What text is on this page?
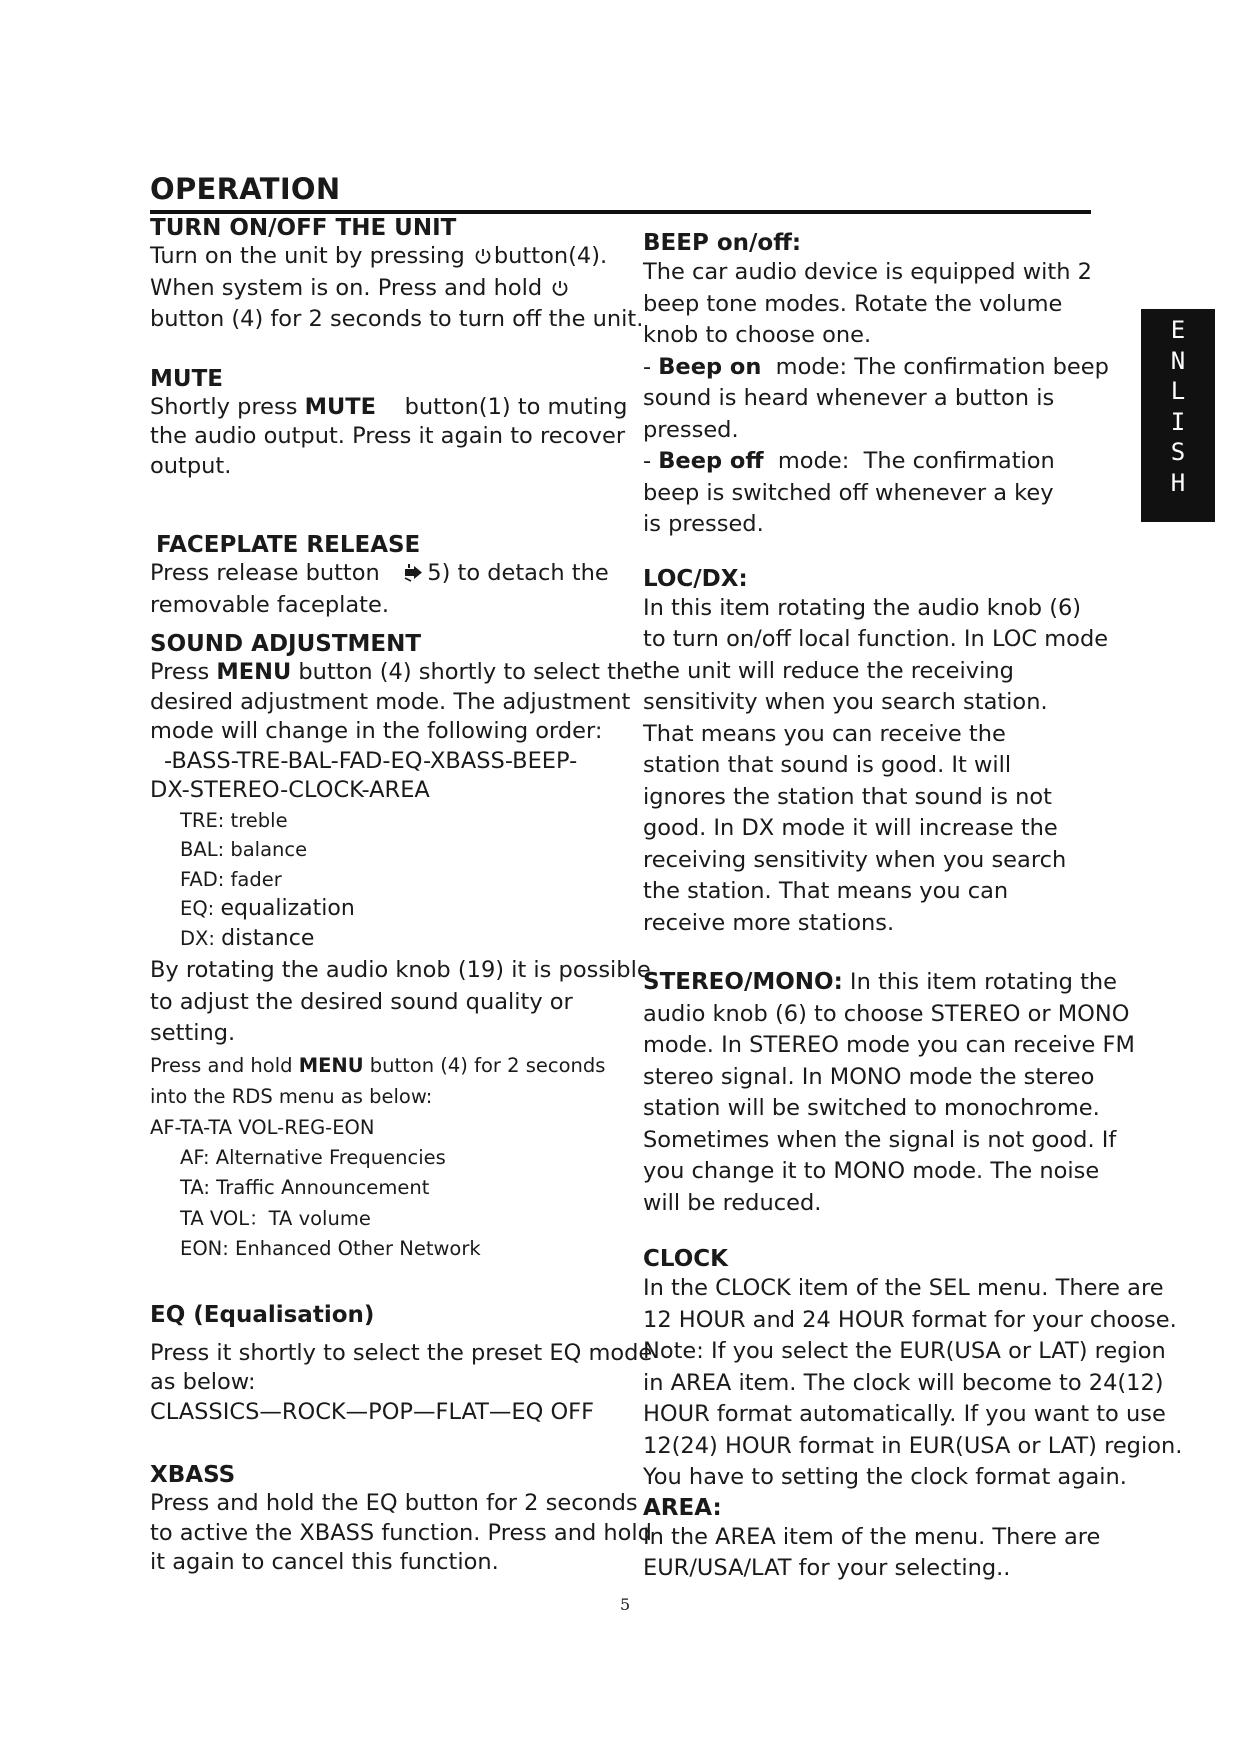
OPERATION
E
N
L
I
S
H
TURN ON/OFF THE UNIT
Turn on the unit by pressing button(4).
When system is on. Press and hold
button (4) for 2 seconds to turn off the unit.
MUTE
Shortly press MUTE button(1) to muting
the audio output. Press it again to recover
output.
FACEPLATE RELEASE
Press release button   5) to detach the
removable faceplate.
SOUND ADJUSTMENT
Press MENU button (4) shortly to select the
desired adjustment mode. The adjustment
mode will change in the following order:
-BASS-TRE-BAL-FAD-EQ-XBASS-BEEP-
DX-STEREO-CLOCK-AREA
TRE: treble
BAL: balance
FAD: fader
EQ: equalization
DX: distance
By rotating the audio knob (19) it is possible
to adjust the desired sound quality or
setting.
Press and hold MENU button (4) for 2 seconds
into the RDS menu as below:
AF-TA-TA VOL-REG-EON
AF: Alternative Frequencies
TA: Traffic Announcement
TA VOL：TA volume
EON: Enhanced Other Network
EQ (Equalisation)
Press it shortly to select the preset EQ mode
as below:
CLASSICS—ROCK—POP—FLAT—EQ OFF
XBASS
Press and hold the EQ button for 2 seconds
to active the XBASS function. Press and hold
it again to cancel this function.
BEEP on/off:
The car audio device is equipped with 2
beep tone modes. Rotate the volume
knob to choose one.
- Beep on  mode: The confirmation beep
sound is heard whenever a button is
pressed.
- Beep off  mode:  The confirmation
beep is switched off whenever a key
is pressed.
LOC/DX:
In this item rotating the audio knob (6)
to turn on/off local function. In LOC mode
the unit will reduce the receiving
sensitivity when you search station.
That means you can receive the
station that sound is good. It will
ignores the station that sound is not
good. In DX mode it will increase the
receiving sensitivity when you search
the station. That means you can
receive more stations.
STEREO/MONO: In this item rotating the
audio knob (6) to choose STEREO or MONO
mode. In STEREO mode you can receive FM
stereo signal. In MONO mode the stereo
station will be switched to monochrome.
Sometimes when the signal is not good. If
you change it to MONO mode. The noise
will be reduced.
CLOCK
In the CLOCK item of the SEL menu. There are
12 HOUR and 24 HOUR format for your choose.
Note: If you select the EUR(USA or LAT) region
in AREA item. The clock will become to 24(12)
HOUR format automatically. If you want to use
12(24) HOUR format in EUR(USA or LAT) region.
You have to setting the clock format again.
AREA:
In the AREA item of the menu. There are
EUR/USA/LAT for your selecting..
5
